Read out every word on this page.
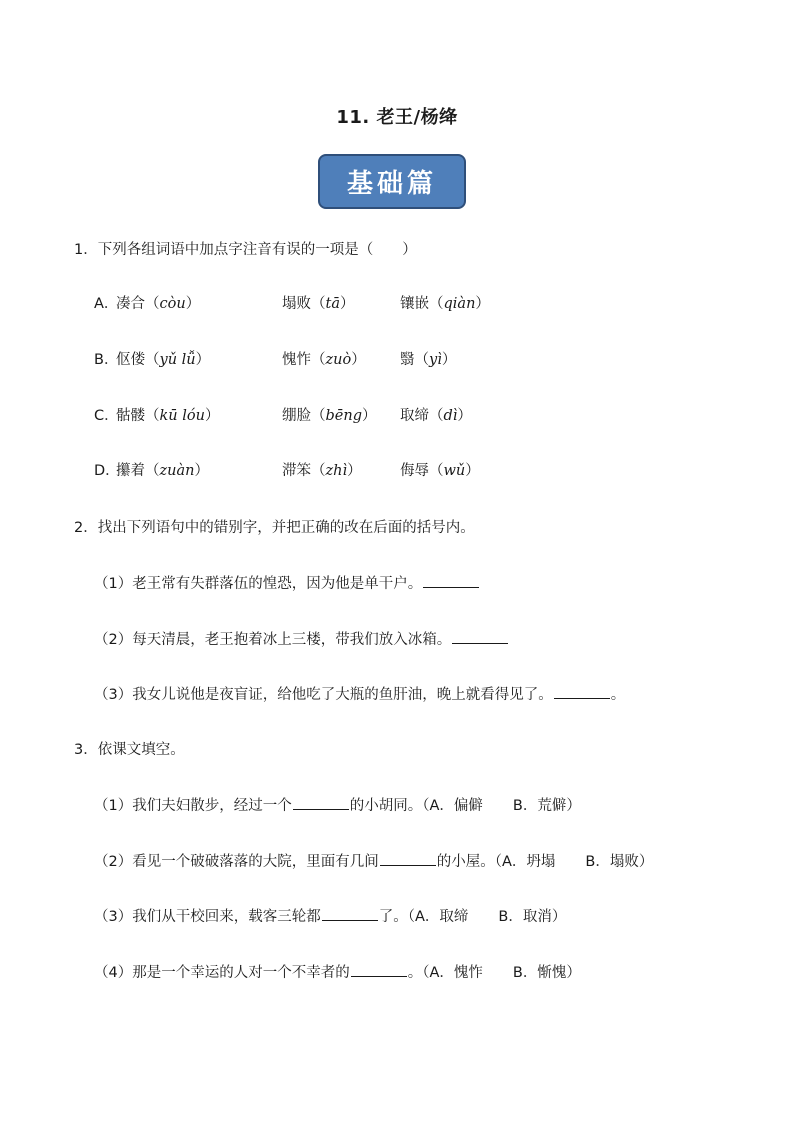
11. 老王/杨绛
基础篇
1．下列各组词语中加点字注音有误的一项是（　　）
A．
凑合（còu）	塌败（tā）	镶嵌（qiàn）
B．
伛偻（yǔ lǚ）	愧怍（zuò） 翳（yì）
C．
骷髅（kū lóu）	绷脸（bēng） 取缔（dì）
D．
攥着（zuàn）	滞笨（zhì）	侮辱（wǔ）
2．找出下列语句中的错别字，并把正确的改在后面的括号内。
（1）老王常有失群落伍的惶恐，因为他是单干户。
（2）每天清晨，老王抱着冰上三楼，带我们放入冰箱。
（3）我女儿说他是夜盲证，给他吃了大瓶的鱼肝油，晚上就看得见了。	。
3．依课文填空。
（1）我们夫妇散步，经过一个	的小胡同。（A．偏僻 B．荒僻）
（2）看见一个破破落落的大院，里面有几间	的小屋。（A．坍塌 B．塌败）
（3）我们从干校回来，载客三轮都	了。（A．取缔 B．取消）
（4）那是一个幸运的人对一个不幸者的	。（A．愧怍 B．惭愧）
